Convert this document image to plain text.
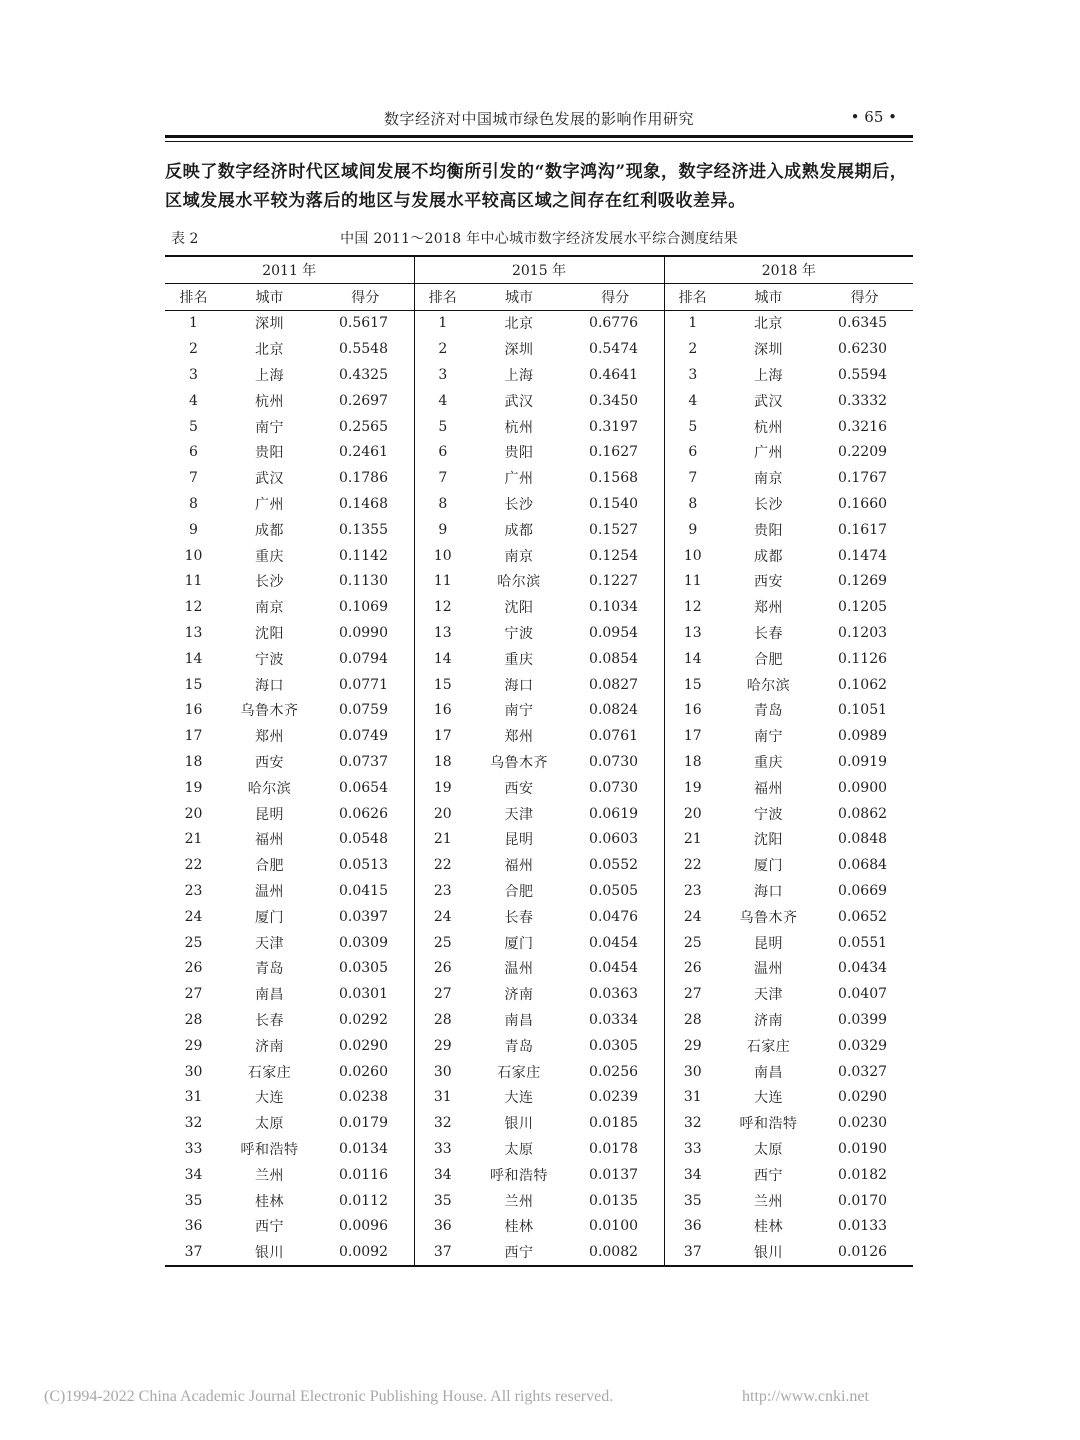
数字经济对中国城市绿色发展的影响作用研究	• 65 •

反映了数字经济时代区域间发展不均衡所引发的“数字鸿沟”现象，数字经济进入成熟发展期后，区域发展水平较为落后的地区与发展水平较高区域之间存在红利吸收差异。

表 2	中国 2011～2018 年中心城市数字经济发展水平综合测度结果
2011 年			2015 年			2018 年		
排名	城市	得分	排名	城市	得分	排名	城市	得分
1	深圳	0.5617	1	北京	0.6776	1	北京	0.6345
2	北京	0.5548	2	深圳	0.5474	2	深圳	0.6230
3	上海	0.4325	3	上海	0.4641	3	上海	0.5594
4	杭州	0.2697	4	武汉	0.3450	4	武汉	0.3332
5	南宁	0.2565	5	杭州	0.3197	5	杭州	0.3216
6	贵阳	0.2461	6	贵阳	0.1627	6	广州	0.2209
7	武汉	0.1786	7	广州	0.1568	7	南京	0.1767
8	广州	0.1468	8	长沙	0.1540	8	长沙	0.1660
9	成都	0.1355	9	成都	0.1527	9	贵阳	0.1617
10	重庆	0.1142	10	南京	0.1254	10	成都	0.1474
11	长沙	0.1130	11	哈尔滨	0.1227	11	西安	0.1269
12	南京	0.1069	12	沈阳	0.1034	12	郑州	0.1205
13	沈阳	0.0990	13	宁波	0.0954	13	长春	0.1203
14	宁波	0.0794	14	重庆	0.0854	14	合肥	0.1126
15	海口	0.0771	15	海口	0.0827	15	哈尔滨	0.1062
16	乌鲁木齐	0.0759	16	南宁	0.0824	16	青岛	0.1051
17	郑州	0.0749	17	郑州	0.0761	17	南宁	0.0989
18	西安	0.0737	18	乌鲁木齐	0.0730	18	重庆	0.0919
19	哈尔滨	0.0654	19	西安	0.0730	19	福州	0.0900
20	昆明	0.0626	20	天津	0.0619	20	宁波	0.0862
21	福州	0.0548	21	昆明	0.0603	21	沈阳	0.0848
22	合肥	0.0513	22	福州	0.0552	22	厦门	0.0684
23	温州	0.0415	23	合肥	0.0505	23	海口	0.0669
24	厦门	0.0397	24	长春	0.0476	24	乌鲁木齐	0.0652
25	天津	0.0309	25	厦门	0.0454	25	昆明	0.0551
26	青岛	0.0305	26	温州	0.0454	26	温州	0.0434
27	南昌	0.0301	27	济南	0.0363	27	天津	0.0407
28	长春	0.0292	28	南昌	0.0334	28	济南	0.0399
29	济南	0.0290	29	青岛	0.0305	29	石家庄	0.0329
30	石家庄	0.0260	30	石家庄	0.0256	30	南昌	0.0327
31	大连	0.0238	31	大连	0.0239	31	大连	0.0290
32	太原	0.0179	32	银川	0.0185	32	呼和浩特	0.0230
33	呼和浩特	0.0134	33	太原	0.0178	33	太原	0.0190
34	兰州	0.0116	34	呼和浩特	0.0137	34	西宁	0.0182
35	桂林	0.0112	35	兰州	0.0135	35	兰州	0.0170
36	西宁	0.0096	36	桂林	0.0100	36	桂林	0.0133
37	银川	0.0092	37	西宁	0.0082	37	银川	0.0126
(C)1994-2022 China Academic Journal Electronic Publishing House. All rights reserved.	http://www.cnki.net
